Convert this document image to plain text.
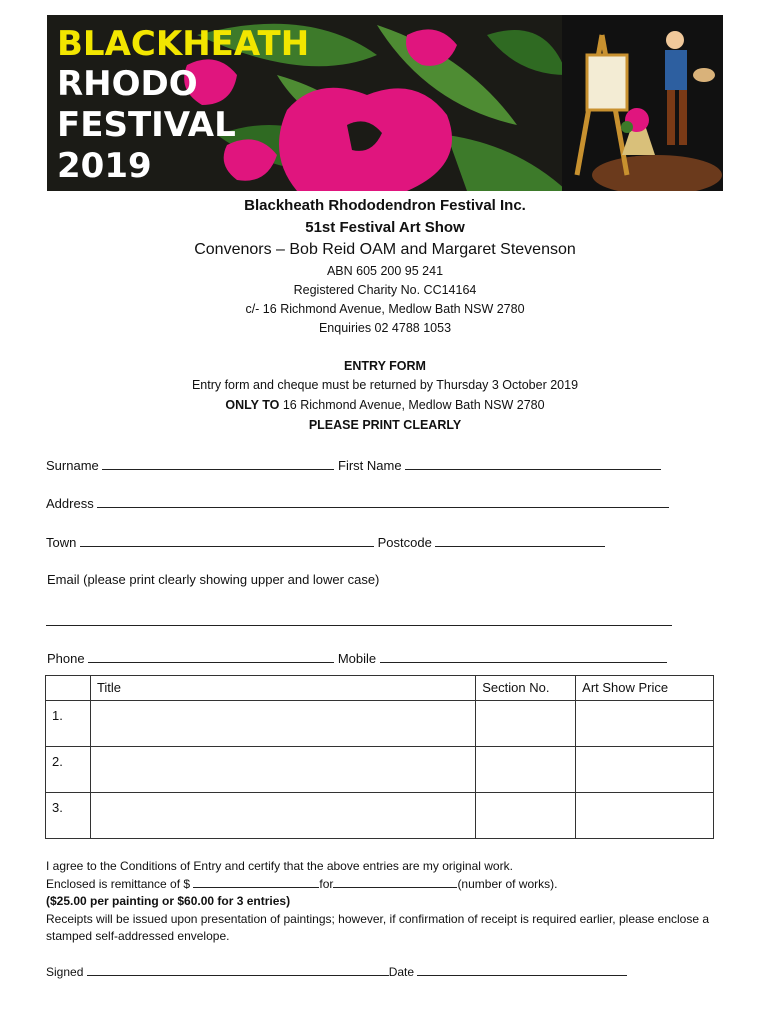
BLACKHEATH
RHODO
FESTIVAL
2019
Blackheath Rhododendron Festival Inc.
51st Festival Art Show
Convenors – Bob Reid OAM and Margaret Stevenson
ABN 605 200 95 241
Registered Charity No. CC14164
c/- 16 Richmond Avenue, Medlow Bath NSW 2780
Enquiries 02 4788 1053
ENTRY FORM
Entry form and cheque must be returned by Thursday 3 October 2019
ONLY TO 16 Richmond Avenue, Medlow Bath NSW 2780
PLEASE PRINT CLEARLY
Surname	First Name
Address
Town	Postcode
Email (please print clearly showing upper and lower case)
Phone	Mobile

	Title	Section No.	Art Show Price

1.			

2.			

3.			

I agree to the Conditions of Entry and certify that the above entries are my original work.
Enclosed is remittance of $	for	(number of works).
($25.00 per painting or $60.00 for 3 entries)
Receipts will be issued upon presentation of paintings; however, if confirmation of receipt is required earlier, please enclose a stamped self-addressed envelope.
Signed	Date
